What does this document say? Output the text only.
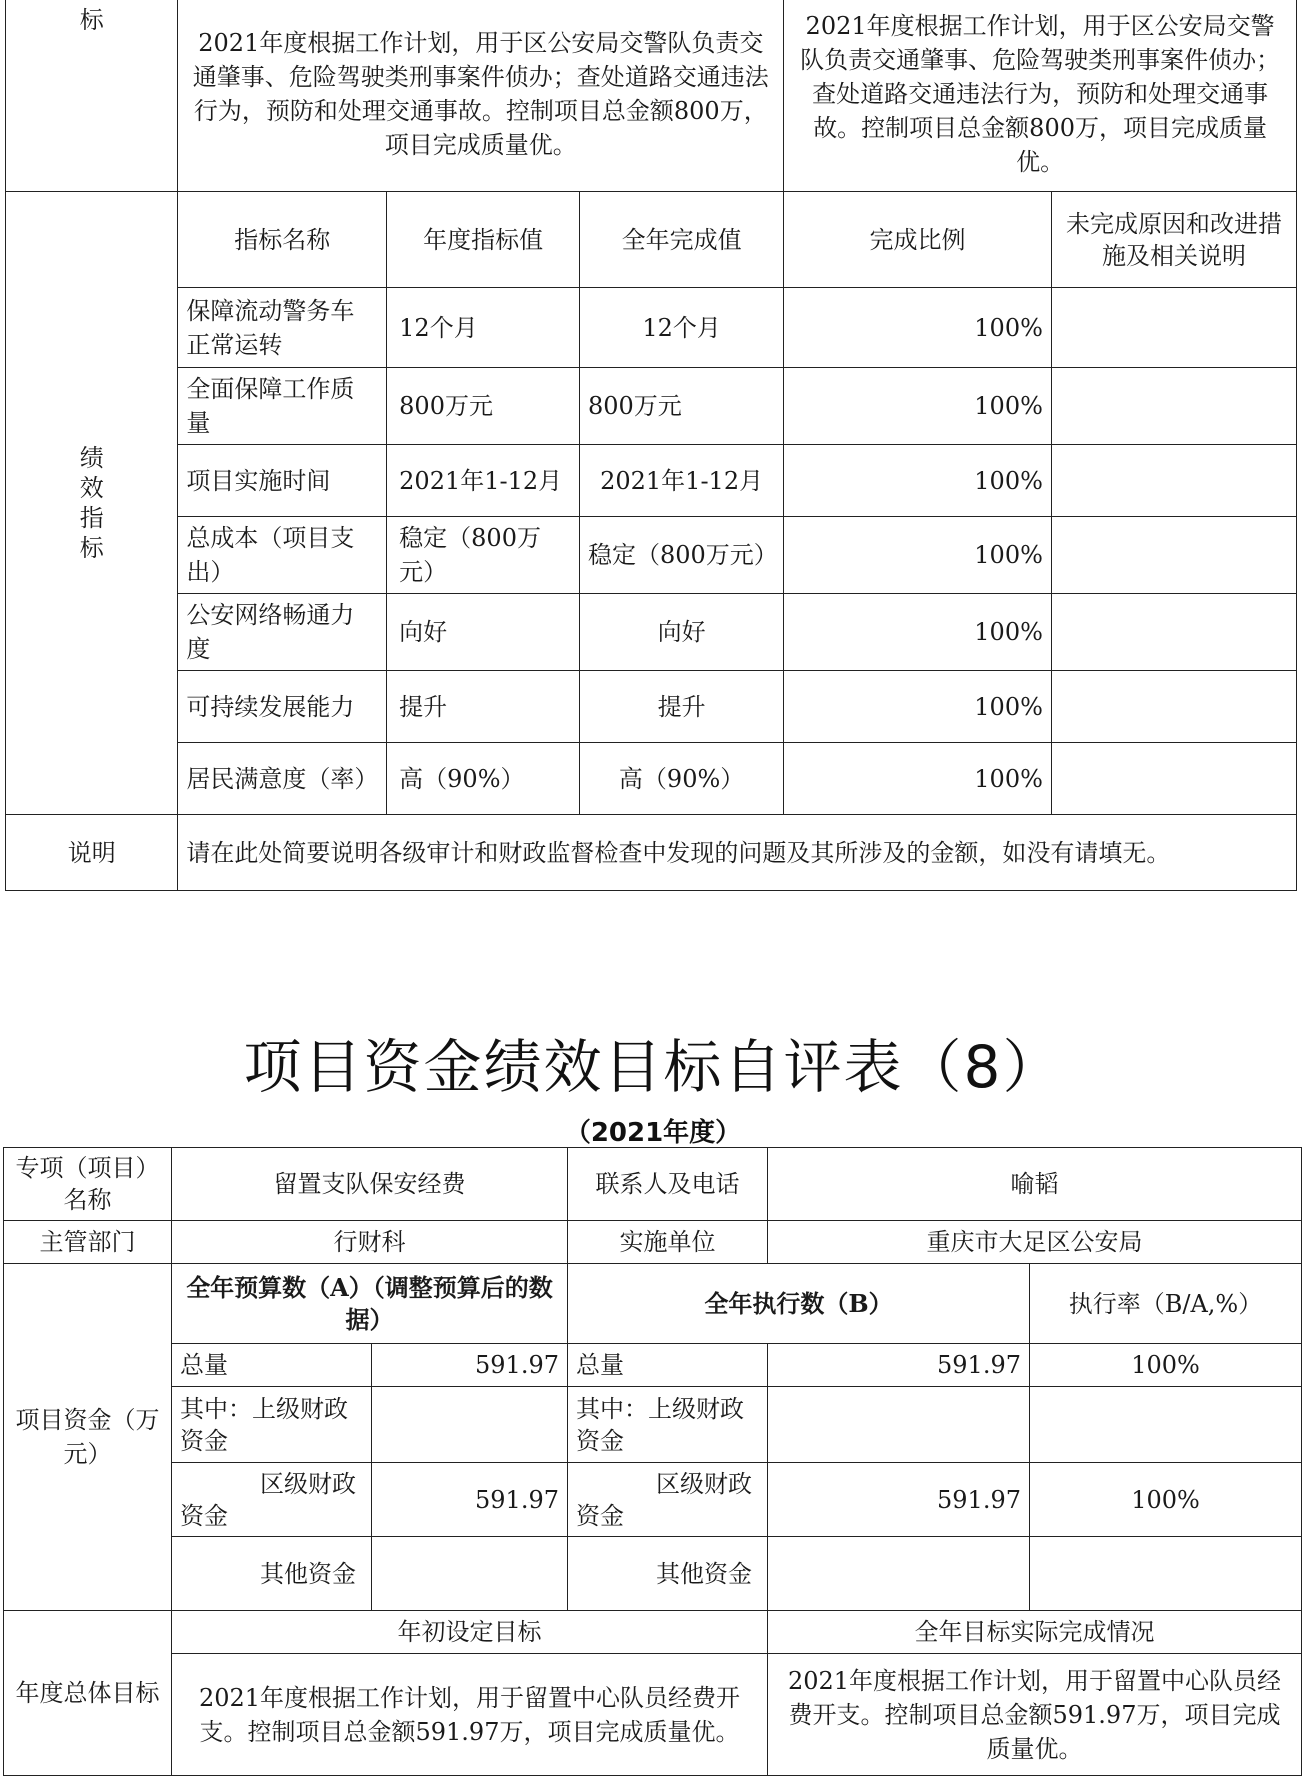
标	2021年度根据工作计划，用于区公安局交警队负责交通肇事、危险驾驶类刑事案件侦办；查处道路交通违法行为，预防和处理交通事故。控制项目总金额800万，项目完成质量优。			2021年度根据工作计划，用于区公安局交警队负责交通肇事、危险驾驶类刑事案件侦办；查处道路交通违法行为，预防和处理交通事故。控制项目总金额800万，项目完成质量优。	

绩
效
指
标	指标名称	年度指标值	全年完成值	完成比例	未完成原因和改进措施及相关说明
	保障流动警务车正常运转	12个月	12个月	100%	
	全面保障工作质量	800万元	800万元	100%	
	项目实施时间	2021年1-12月	2021年1-12月	100%	
	总成本（项目支出）	稳定（800万元）	稳定（800万元）	100%	
	公安网络畅通力度	向好	向好	100%	
	可持续发展能力	提升	提升	100%	
	居民满意度（率）	高（90%）	高（90%）	100%	
说明	请在此处简要说明各级审计和财政监督检查中发现的问题及其所涉及的金额，如没有请填无。				
项目资金绩效目标自评表（8）
（2021年度）
专项（项目）名称	留置支队保安经费		联系人及电话	喻韬	
主管部门	行财科		实施单位	重庆市大足区公安局	
项目资金（万元）	全年预算数（A）（调整预算后的数据）		全年执行数（B）		执行率（B/A,%）
	总量	591.97	总量	591.97	100%
	其中：上级财政资金		其中：上级财政资金		
	区级财政资金	591.97	区级财政资金	591.97	100%
	其他资金		其他资金		
年度总体目标	年初设定目标			全年目标实际完成情况	
	2021年度根据工作计划，用于留置中心队员经费开支。控制项目总金额591.97万，项目完成质量优。			2021年度根据工作计划，用于留置中心队员经费开支。控制项目总金额591.97万，项目完成质量优。	
